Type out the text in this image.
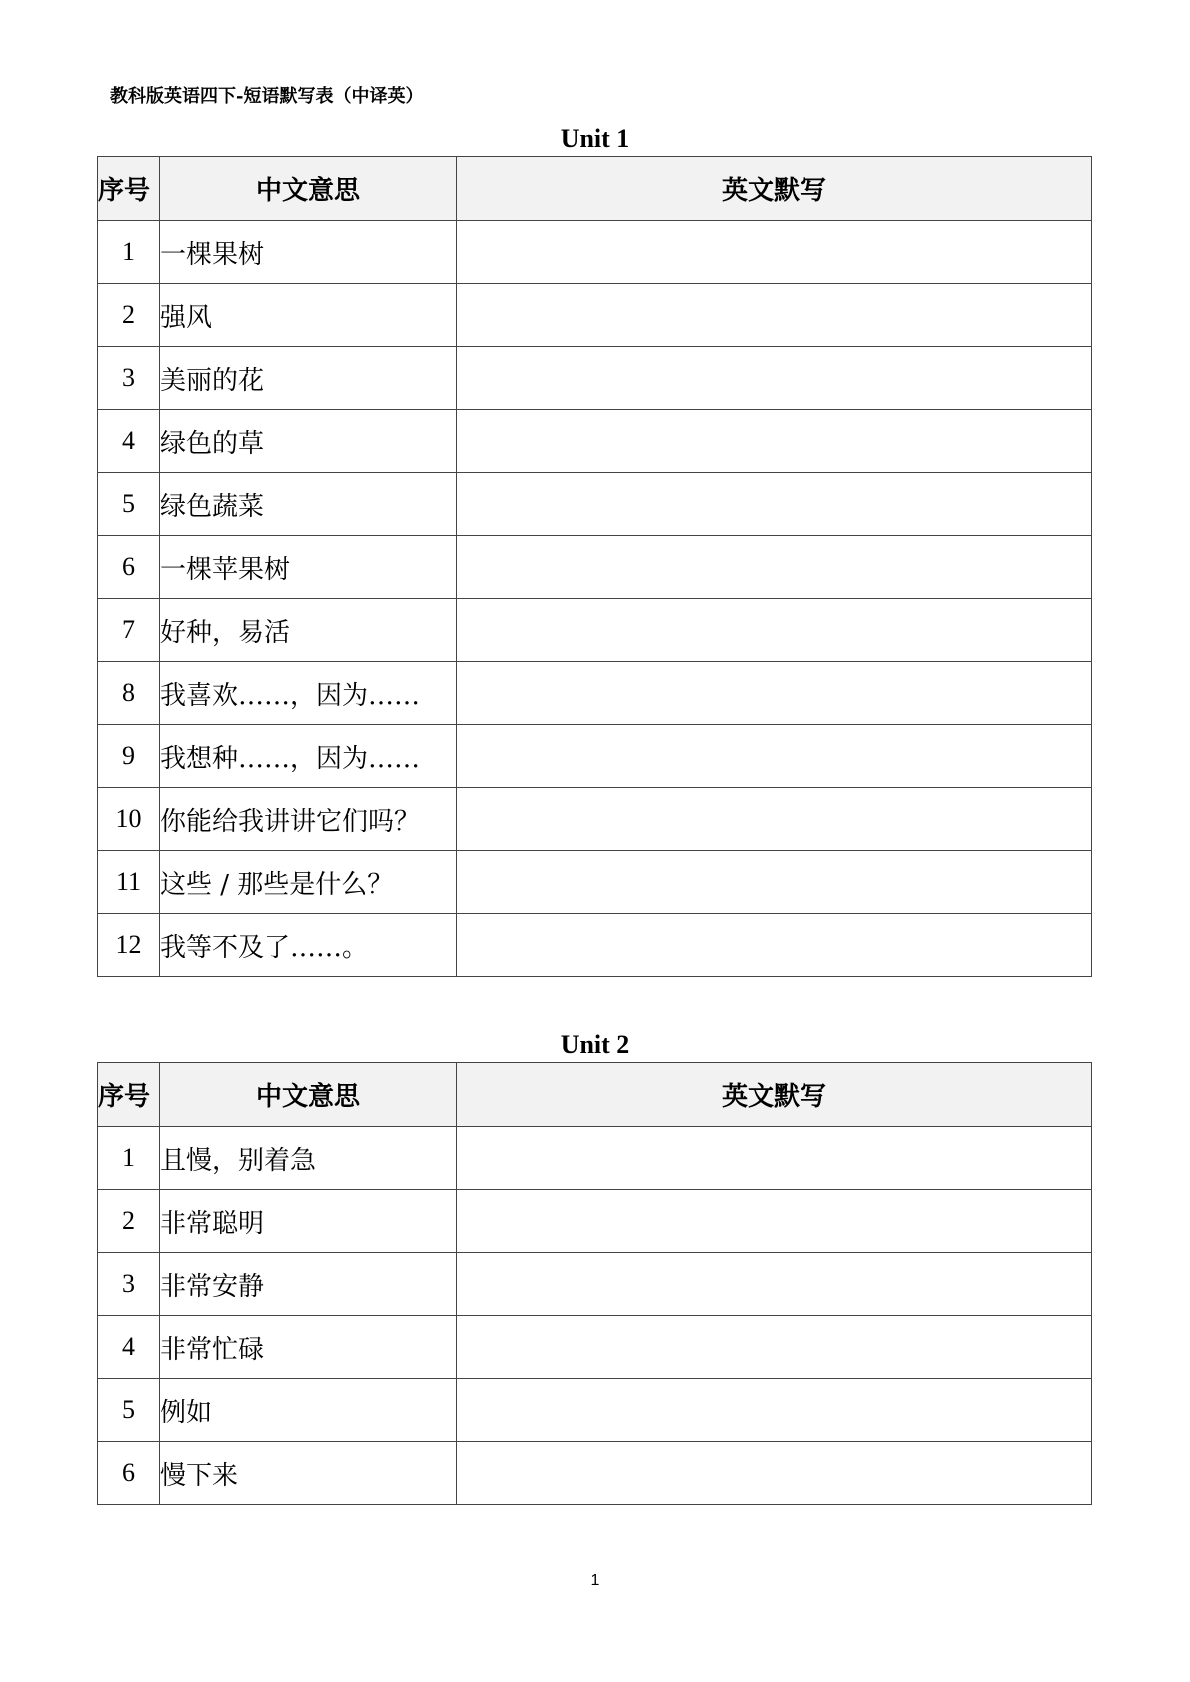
教科版英语四下-短语默写表（中译英）
Unit 1
序号	中文意思	英文默写
1	一棵果树	
2	强风	
3	美丽的花	
4	绿色的草	
5	绿色蔬菜	
6	一棵苹果树	
7	好种，易活	
8	我喜欢……，因为……	
9	我想种……，因为……	
10	你能给我讲讲它们吗？	
11	这些 / 那些是什么？	
12	我等不及了……。	
Unit 2
序号	中文意思	英文默写
1	且慢，别着急	
2	非常聪明	
3	非常安静	
4	非常忙碌	
5	例如	
6	慢下来	
1
